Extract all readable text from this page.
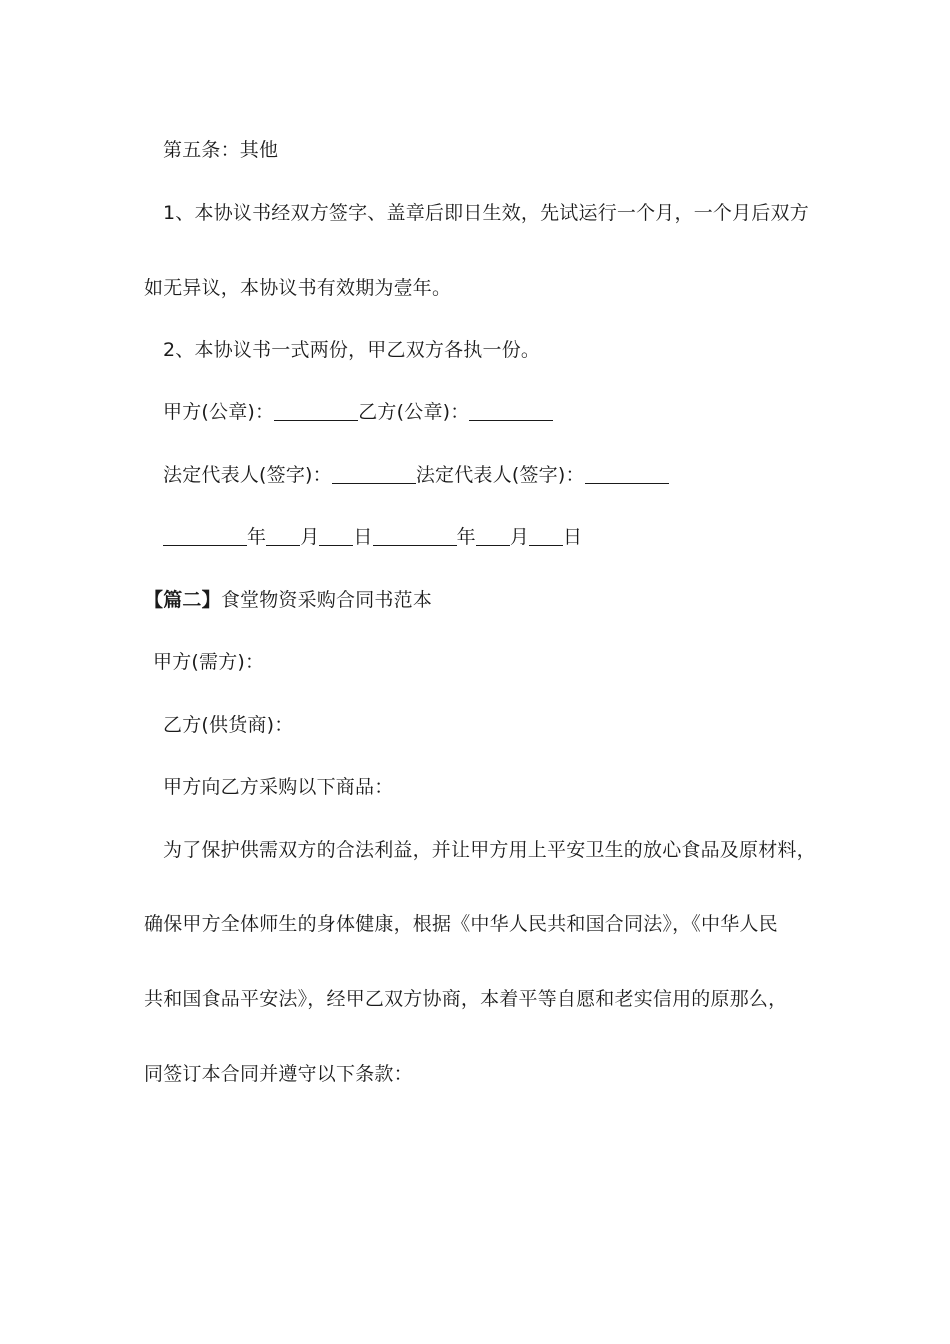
第五条：其他
1、本协议书经双方签字、盖章后即日生效，先试运行一个月，一个月后双方
如无异议，本协议书有效期为壹年。
2、本协议书一式两份，甲乙双方各执一份。
甲方(公章)：	乙方(公章)：
法定代表人(签字)：	法定代表人(签字)：
年 月 日	年 月 日
【篇二】食堂物资采购合同书范本
甲方(需方)：
乙方(供货商)：
甲方向乙方采购以下商品：
为了保护供需双方的合法利益，并让甲方用上平安卫生的放心食品及原材料，
确保甲方全体师生的身体健康，根据《中华人民共和国合同法》，《中华人民
共和国食品平安法》，经甲乙双方协商，本着平等自愿和老实信用的原那么，
同签订本合同并遵守以下条款：
